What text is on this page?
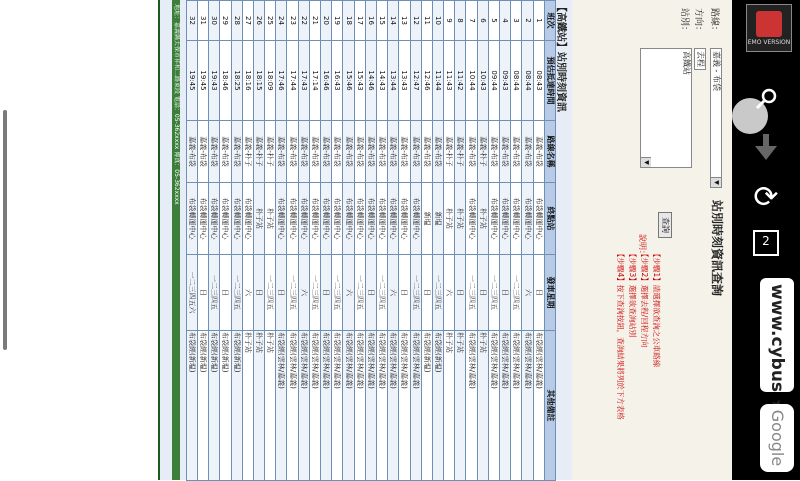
站別時刻資訊查詢
路線：
嘉義 - 布袋
▼
方向：
去程
站別：
高鐵站
▼
查詢
說明：
【步驟1】請選擇欲查詢之公車路線
【步驟2】選擇去程/回程方向
【步驟3】選擇欲查詢站別
【步驟4】按下查詢按鈕，查詢結果將列於下方表格
【高鐵站】站別時刻資訊
班次	預估抵達時間	路線名稱	終點站	發車星期	其他備註
1	08:43	嘉義-布袋	布袋轉運中心	日	布袋經(雲林/嘉義)
2	08:44	嘉義-布袋	布袋轉運中心	六	布袋經(雲林/嘉義)
3	08:44	嘉義-布袋	布袋轉運中心	一二三四五	布袋經(雲林/嘉義)
4	09:43	嘉義-布袋	布袋轉運中心	日	布袋經(雲林/嘉義)
5	09:44	嘉義-布袋	布袋轉運中心	一二三四五	布袋經(雲林/嘉義)
6	10:43	嘉義-朴子	朴子站	日	朴子站
7	10:44	嘉義-布袋	布袋轉運中心	一二三四五	布袋經(雲林/嘉義)
8	11:42	嘉義-朴子	朴子站	日	朴子站
9	11:43	嘉義-朴子	朴子站	六	朴子站
10	11:44	嘉義-布袋	新塭	一二三四五	布袋經(新塭)
11	12:46	嘉義-布袋	新塭	日	布袋經(新塭)
12	12:47	嘉義-布袋	布袋轉運中心	一二三四五	布袋經(雲林/嘉義)
13	13:43	嘉義-布袋	布袋轉運中心	日	布袋經(雲林/嘉義)
14	13:44	嘉義-布袋	布袋轉運中心	六	布袋經(雲林/嘉義)
15	14:43	嘉義-布袋	布袋轉運中心	一二三四五	布袋經(雲林/嘉義)
16	14:46	嘉義-布袋	布袋轉運中心	日	布袋經(雲林/嘉義)
17	15:43	嘉義-布袋	布袋轉運中心	一二三四五	布袋經(雲林/嘉義)
18	15:46	嘉義-布袋	布袋轉運中心	六	布袋經(雲林/嘉義)
19	16:43	嘉義-布袋	布袋轉運中心	一二三四五	布袋經(雲林/嘉義)
20	16:46	嘉義-布袋	布袋轉運中心	日	布袋經(雲林/嘉義)
21	17:14	嘉義-布袋	布袋轉運中心	一二三四五	布袋經(雲林/嘉義)
22	17:43	嘉義-布袋	布袋轉運中心	六	布袋經(雲林/嘉義)
23	17:44	嘉義-布袋	布袋轉運中心	一二三四五	布袋經(雲林/嘉義)
24	17:46	嘉義-布袋	布袋轉運中心	日	布袋經(雲林/嘉義)
25	18:09	嘉義-朴子	朴子站	一二三四五	朴子站
26	18:15	嘉義-朴子	朴子站	日	朴子站
27	18:16	嘉義-朴子	布袋轉運中心	六	朴子站
28	18:25	嘉義-布袋	布袋轉運中心	一二三四五	布袋經(新塭)
29	18:46	嘉義-布袋	布袋轉運中心	日	布袋經(新塭)
30	19:43	嘉義-布袋	布袋轉運中心	一二三四五	布袋經(新塭)
31	19:45	嘉義-布袋	布袋轉運中心	日	布袋經(新塭)
32	19:45	嘉義-布袋	布袋轉運中心	一二三四五六	布袋經(新塭)
地址：嘉義縣太保市祥和二路東段 電話：05-362xxxx 傳真：05-362xxxx	EMO VERSION
⟳
2
www.cybus
Google
